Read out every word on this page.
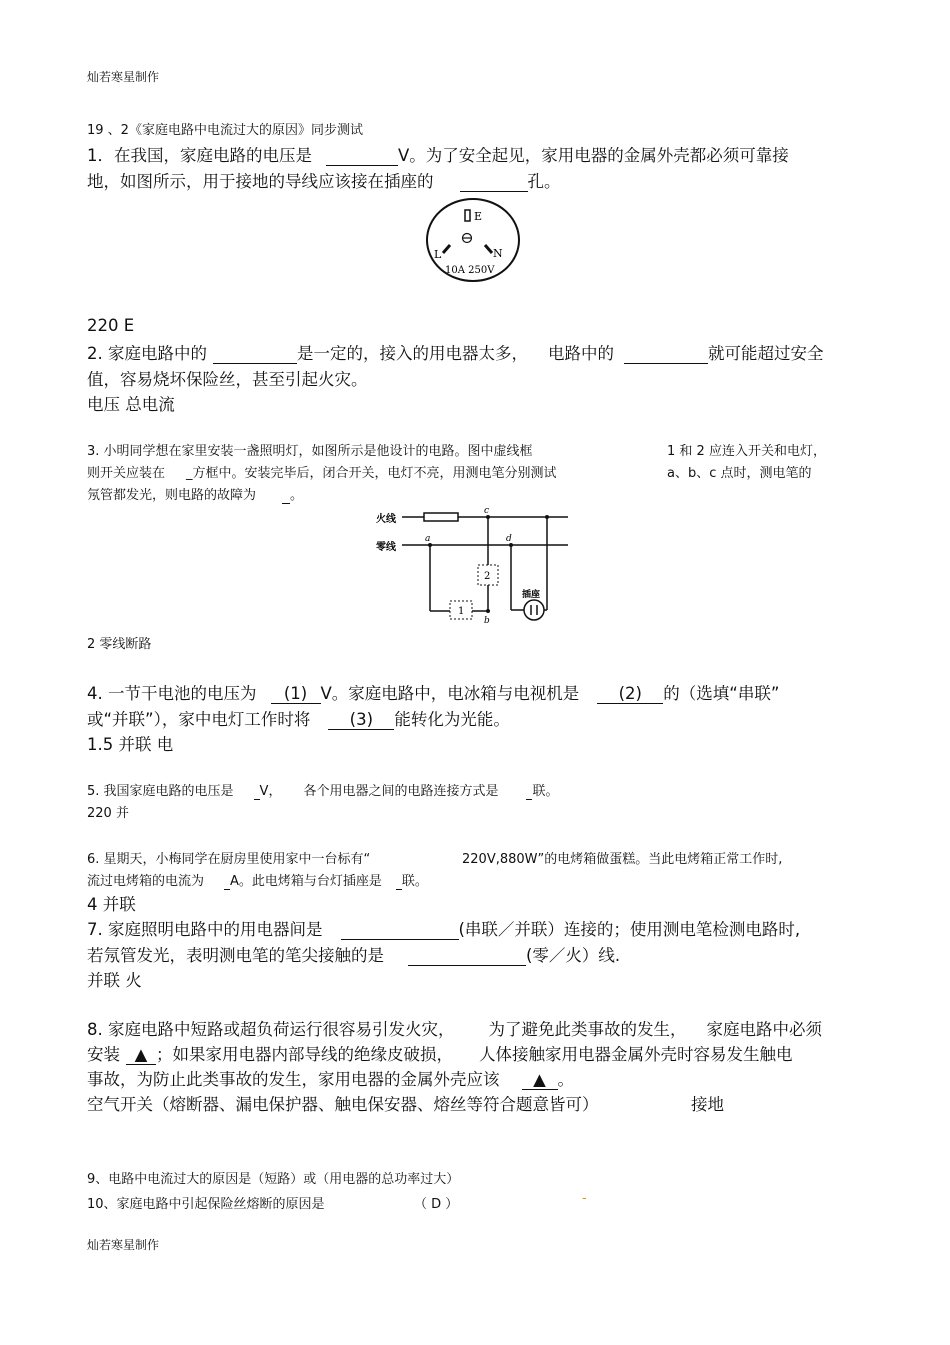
灿若寒星制作
19 、2《家庭电路中电流过大的原因》同步测试
1．在我国，家庭电路的电压是	V。为了安全起见，家用电器的金属外壳都必须可靠接
地，如图所示，用于接地的导线应该接在插座的	孔。
E
L	N
10A 250V
220 E
2. 家庭电路中的	是一定的，接入的用电器太多， 电路中的	就可能超过安全
值，容易烧坏保险丝，甚至引起火灾。
电压 总电流
3. 小明同学想在家里安装一盏照明灯，如图所示是他设计的电路。图中虚线框	1 和 2 应连入开关和电灯，
则开关应装在 _方框中。安装完毕后，闭合开关，电灯不亮，用测电笔分别测试	a、b、c 点时，测电笔的
氖管都发光，则电路的故障为	。
火线
零线
c
a	d
2
b
1
插座
2 零线断路
4. 一节干电池的电压为 (1) V。家庭电路中，电冰箱与电视机是 (2) 的（选填“串联”
或“并联”），家中电灯工作时将 (3) 能转化为光能。
1.5 并联 电
5. 我国家庭电路的电压是 V， 各个用电器之间的电路连接方式是	联。
220 并
6. 星期天，小梅同学在厨房里使用家中一台标有“	220V,880W”的电烤箱做蛋糕。当此电烤箱正常工作时,
流过电烤箱的电流为 A。此电烤箱与台灯插座是 联。
4 并联
7. 家庭照明电路中的用电器间是	(串联／并联）连接的；使用测电笔检测电路时,
若氖管发光，表明测电笔的笔尖接触的是	(零／火）线.
并联 火
8. 家庭电路中短路或超负荷运行很容易引发火灾， 为了避免此类事故的发生， 家庭电路中必须
安装 ▲ ；如果家用电器内部导线的绝缘皮破损， 人体接触家用电器金属外壳时容易发生触电
事故，为防止此类事故的发生，家用电器的金属外壳应该 ▲ 。
空气开关（熔断器、漏电保护器、触电保安器、熔丝等符合题意皆可）	接地
9、电路中电流过大的原因是（短路）或（用电器的总功率过大）
10、家庭电路中引起保险丝熔断的原因是	（ D ）	-
灿若寒星制作
